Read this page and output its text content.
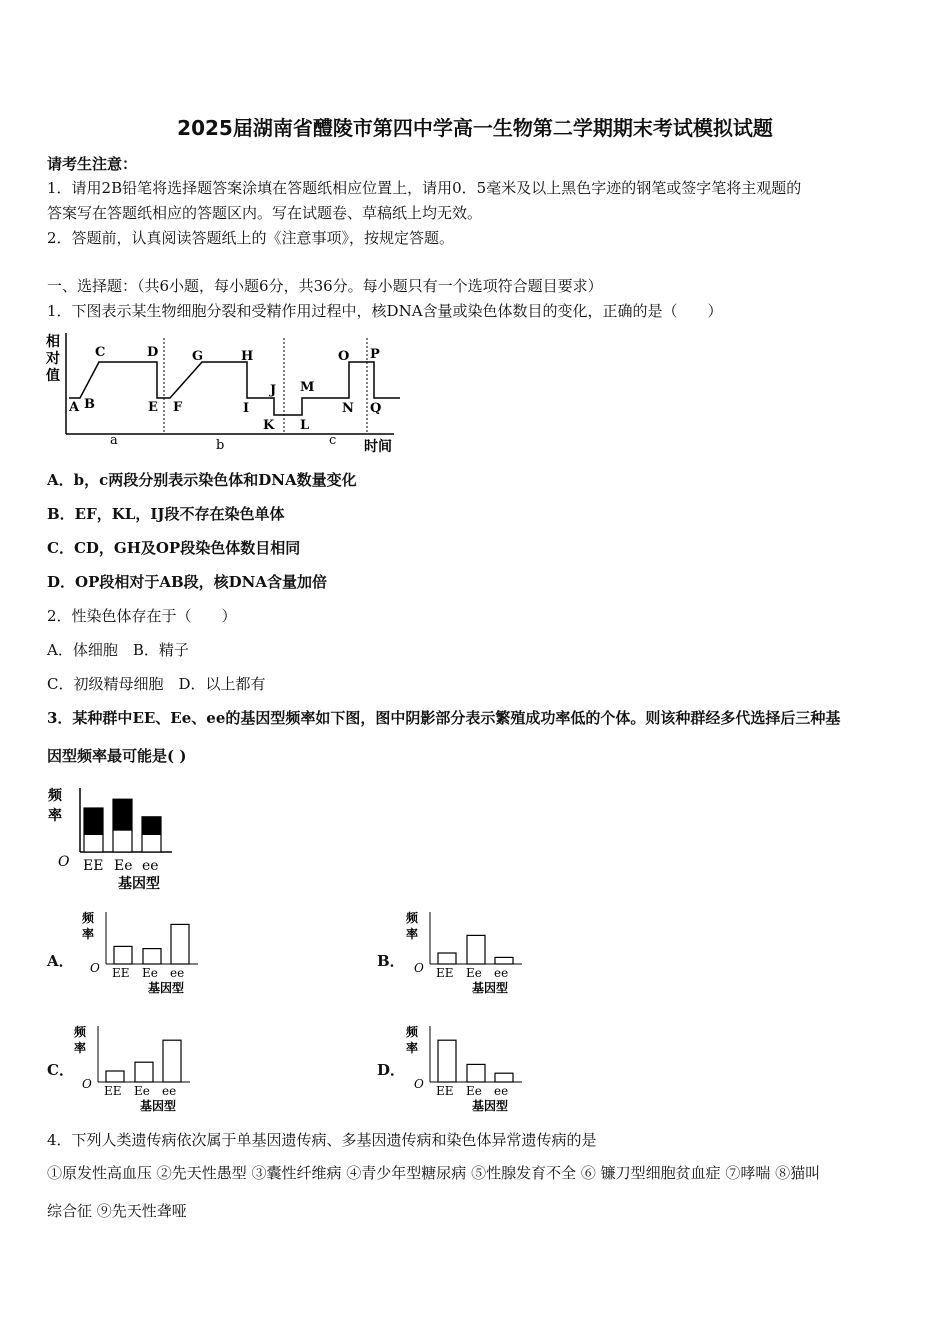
2025届湖南省醴陵市第四中学高一生物第二学期期末考试模拟试题
请考生注意：
1．请用2B铅笔将选择题答案涂填在答题纸相应位置上，请用0．5毫米及以上黑色字迹的钢笔或签字笔将主观题的
答案写在答题纸相应的答题区内。写在试题卷、草稿纸上均无效。
2．答题前，认真阅读答题纸上的《注意事项》，按规定答题。
一、选择题：（共6小题，每小题6分，共36分。每小题只有一个选项符合题目要求）
1．下图表示某生物细胞分裂和受精作用过程中，核DNA含量或染色体数目的变化，正确的是（　　）
相
对
值
A B
C	D
E F
G	H
I
J
K L
M
N
O P
Q
a	b	c 时间
A．b，c两段分别表示染色体和DNA数量变化
B．EF，KL，IJ段不存在染色单体
C．CD，GH及OP段染色体数目相同
D．OP段相对于AB段，核DNA含量加倍
2．性染色体存在于（　　）
A．体细胞　B．精子
C．初级精母细胞　D．以上都有
3．某种群中EE、Ee、ee的基因型频率如下图，图中阴影部分表示繁殖成功率低的个体。则该种群经多代选择后三种基
因型频率最可能是( )
频
率
O EE Ee ee
基因型
A．	B．
C．	D．
频
率
O EE Ee ee
基因型
频
率
O EE Ee ee
基因型
频
率
O EE Ee ee
基因型
频
率
O EE Ee ee
基因型
4．下列人类遗传病依次属于单基因遗传病、多基因遗传病和染色体异常遗传病的是
①原发性高血压 ②先天性愚型 ③囊性纤维病 ④青少年型糖尿病 ⑤性腺发育不全 ⑥ 镰刀型细胞贫血症 ⑦哮喘 ⑧猫叫
综合征 ⑨先天性聋哑
